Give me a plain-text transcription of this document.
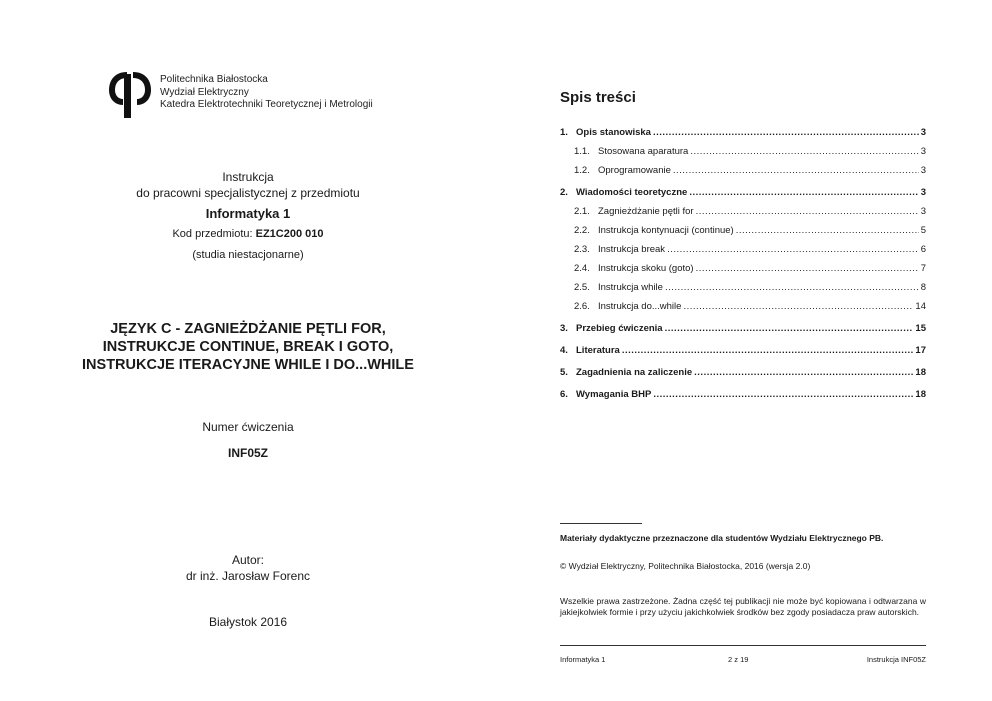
Politechnika Białostocka
Wydział Elektryczny
Katedra Elektrotechniki Teoretycznej i Metrologii
Instrukcja
do pracowni specjalistycznej z przedmiotu
Informatyka 1
Kod przedmiotu: EZ1C200 010
(studia niestacjonarne)
JĘZYK C - ZAGNIEŻDŻANIE PĘTLI FOR,
INSTRUKCJE CONTINUE, BREAK I GOTO,
INSTRUKCJE ITERACYJNE WHILE I DO...WHILE
Numer ćwiczenia
INF05Z
Autor:
dr inż. Jarosław Forenc
Białystok 2016
Spis treści
1. Opis stanowiska .....	3
1.1. Stosowana aparatura .....	3
1.2. Oprogramowanie .....	3
2. Wiadomości teoretyczne .....	3
2.1. Zagnieżdżanie pętli for .....	3
2.2. Instrukcja kontynuacji (continue) .....	5
2.3. Instrukcja break .....	6
2.4. Instrukcja skoku (goto) .....	7
2.5. Instrukcja while .....	8
2.6. Instrukcja do...while .....	14
3. Przebieg ćwiczenia .....	15
4. Literatura .....	17
5. Zagadnienia na zaliczenie .....	18
6. Wymagania BHP .....	18
Materiały dydaktyczne przeznaczone dla studentów Wydziału Elektrycznego PB.
© Wydział Elektryczny, Politechnika Białostocka, 2016 (wersja 2.0)
Wszelkie prawa zastrzeżone. Żadna część tej publikacji nie może być kopiowana i odtwarzana w jakiejkolwiek formie i przy użyciu jakichkolwiek środków bez zgody posiadacza praw autorskich.
Informatyka 1	2 z 19	Instrukcja INF05Z
